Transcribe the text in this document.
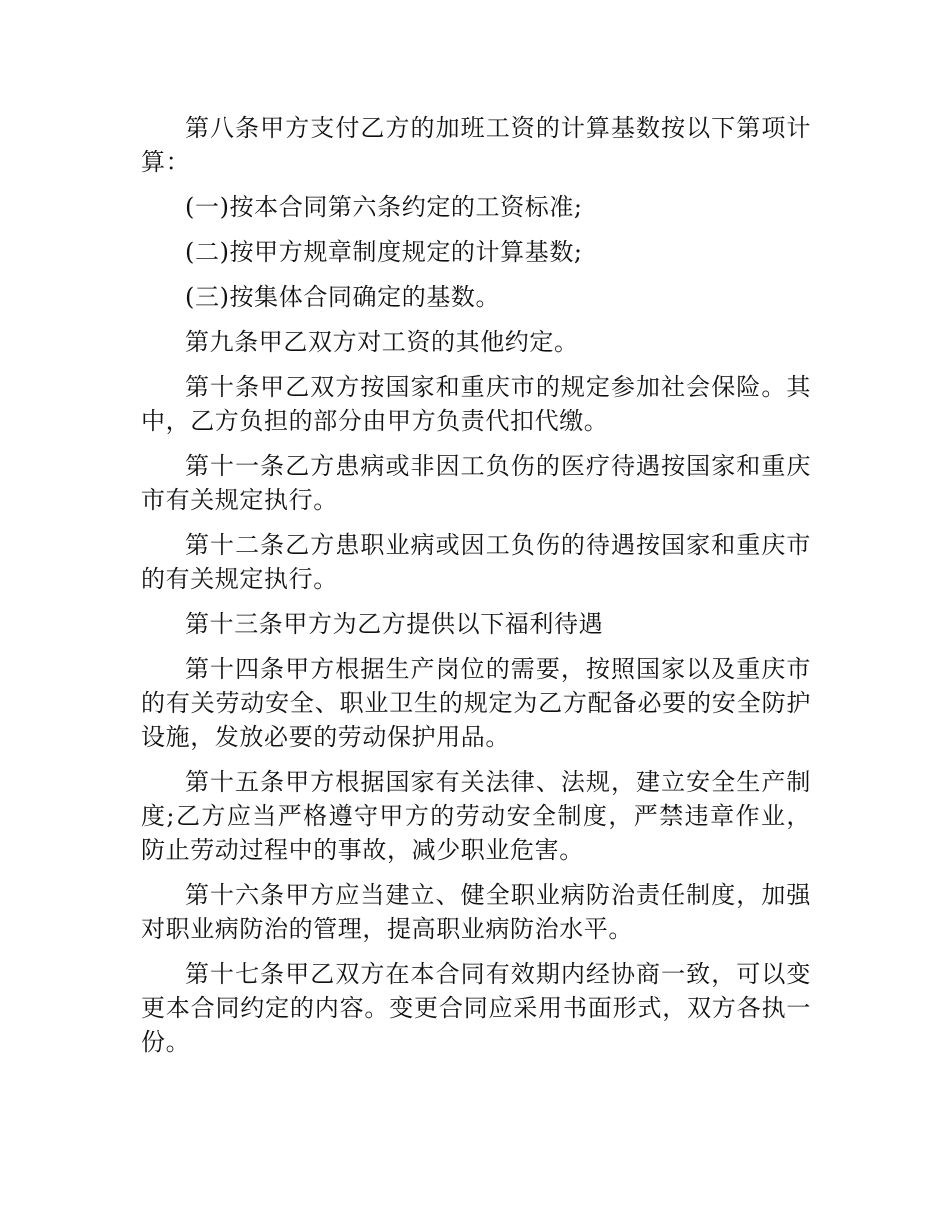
第八条甲方支付乙方的加班工资的计算基数按以下第项计算：

(一)按本合同第六条约定的工资标准;

(二)按甲方规章制度规定的计算基数;

(三)按集体合同确定的基数。

第九条甲乙双方对工资的其他约定。

第十条甲乙双方按国家和重庆市的规定参加社会保险。其中，乙方负担的部分由甲方负责代扣代缴。

第十一条乙方患病或非因工负伤的医疗待遇按国家和重庆市有关规定执行。

第十二条乙方患职业病或因工负伤的待遇按国家和重庆市的有关规定执行。

第十三条甲方为乙方提供以下福利待遇

第十四条甲方根据生产岗位的需要，按照国家以及重庆市的有关劳动安全、职业卫生的规定为乙方配备必要的安全防护设施，发放必要的劳动保护用品。

第十五条甲方根据国家有关法律、法规，建立安全生产制度;乙方应当严格遵守甲方的劳动安全制度，严禁违章作业，防止劳动过程中的事故，减少职业危害。

第十六条甲方应当建立、健全职业病防治责任制度，加强对职业病防治的管理，提高职业病防治水平。

第十七条甲乙双方在本合同有效期内经协商一致，可以变更本合同约定的内容。变更合同应采用书面形式，双方各执一份。
